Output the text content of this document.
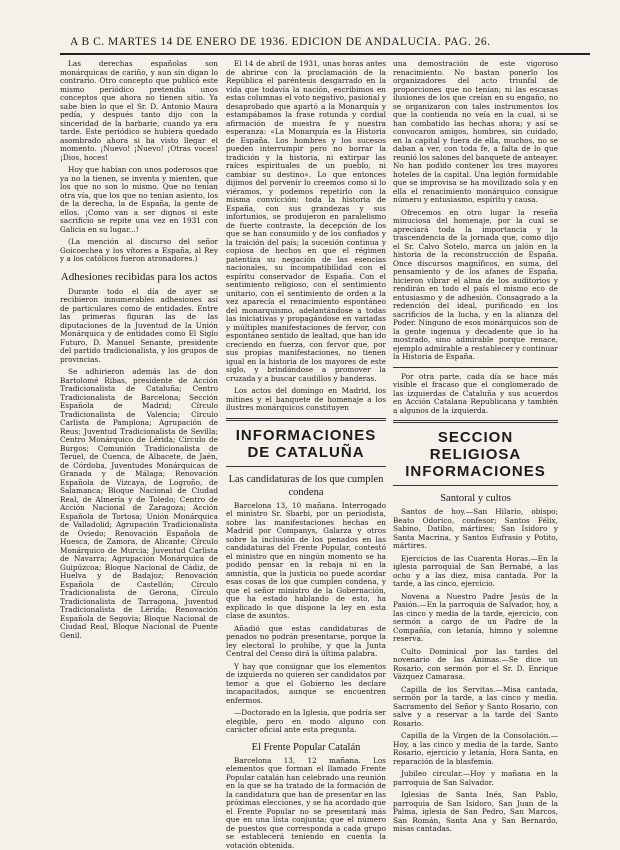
A B C. MARTES 14 DE ENERO DE 1936. EDICION DE ANDALUCIA. PAG. 26.

Las derechas españolas son monárquicas de cariño, y aun sin digan lo contrario. Otro concepto que publicó este mismo periódico pretendía unos conceptos que ahora no tienen sitio. Ya sabe bien lo que el Sr. D. Antonio Maura pedía, y después tanto dijo con la sinceridad de la barbarie, cuando ya era tarde. Este periódico se hubiera quedado asombrado ahora si ha visto llegar el momento. ¡Nuevo! ¡Nuevo! ¡Otras voces! ¡Dios, hoces!

Hoy que habían con unos poderosos que ya no la tienen, se inventa y mienten, que los que no son lo mismo. Que no tenían otra vía, que los que no tenían asiento, los de la derecha, la de España, la gente de ellos. ¡Como van a ser dignos si este sacrificio se repite una vez en 1931 con Galicia en su lugar...!

(La mención al discurso del señor Goicoechea y los vítores a España, al Rey y a los católicos fueron atronadores.)

Adhesiones recibidas para los actos

Durante todo el día de ayer se recibieron innumerables adhesiones así de particulares como de entidades. Entre las primeras figuran las de las diputaciones de la Juventud de la Unión Monárquica y de entidades como El Siglo Futuro, D. Manuel Senante, presidente del partido tradicionalista, y los grupos de provincias.

Se adhirieron además las de don Bartolomé Ribas, presidente de Acción Tradicionalista de Cataluña; Centro Tradicionalista de Barcelona; Sección Española de Madrid; Círculo Tradicionalista de Valencia; Círculo Carlista de Pamplona; Agrupación de Reus; Juventud Tradicionalista de Sevilla; Centro Monárquico de Lérida; Círculo de Burgos; Comunión Tradicionalista de Teruel, de Cuenca, de Albacete, de Jaén, de Córdoba, Juventudes Monárquicas de Granada y de Málaga; Renovación Española de Vizcaya, de Logroño, de Salamanca; Bloque Nacional de Ciudad Real, de Almería y de Toledo; Centro de Acción Nacional de Zaragoza; Acción Española de Tortosa; Unión Monárquica de Valladolid; Agrupación Tradicionalista de Oviedo; Renovación Española de Huesca, de Zamora, de Alicante; Círculo Monárquico de Murcia; Juventud Carlista de Navarra; Agrupación Monárquica de Guipúzcoa; Bloque Nacional de Cádiz, de Huelva y de Badajoz; Renovación Española de Castellón; Círculo Tradicionalista de Gerona, Círculo Tradicionalista de Tarragona, Juventud Tradicionalista de Lérida; Renovación Española de Segovia; Bloque Nacional de Ciudad Real, Bloque Nacional de Puente Genil.

El 14 de abril de 1931, unas horas antes de abrirse con la proclamación de la República el paréntesis desgarrado en la vida que todavía la nación, escribimos en estas columnas el voto negativo, pasional y desaprobado que apartó a la Monarquía y estampábamos la frase rotunda y cordial afirmación de nuestra fe y nuestra esperanza: «La Monarquía es la Historia de España. Los hombres y los sucesos pueden interrumpir pero no borrar la tradición y la historia, ni extirpar las raíces espirituales de un pueblo, ni cambiar su destino». Lo que entonces dijimos del porvenir lo creemos como si lo viéramos, y podemos repetirlo con la misma convicción: toda la historia de España, con sus grandezas y sus infortunios, se produjeron en paralelismo de fuerte contraste, la decepción de los que se han consumido y de los confiados y la traición del país; la sucesión continua y copiosa de hechos en que el régimen patentiza su negación de las esencias nacionales, su incompatibilidad con el espíritu conservador de España. Con el sentimiento religioso, con el sentimiento unitario, con el sentimiento de orden a la vez aparecía el renacimiento espontáneo del monarquismo, adelantándose a todas las iniciativas y propagándose en variadas y múltiples manifestaciones de fervor, con espontáneo sentido de lealtad, que han ido creciendo en fuerza, con fervor que, por sus propias manifestaciones, no tienen igual en la historia de los mayores de este siglo, y brindándose a promover la cruzada y a buscar caudillos y banderas.

Los actos del domingo en Madrid, los mítines y el banquete de homenaje a los ilustres monárquicos constituyen

INFORMACIONES DE CATALUÑA
Las candidaturas de los que cumplen condena

Barcelona 13, 10 mañana. Interrogado el ministro Sr. Sbarbi, por un periodista, sobre las manifestaciones hechas en Madrid por Companys, Galarza y otros sobre la inclusión de los penados en las candidaturas del Frente Popular, contestó el ministro que en ningún momento se ha podido pensar en la rebaja ni en la amnistía, que la justicia no puede acordar esas cosas de los que cumplen condena, y que el señor ministro de la Gobernación, que ha estado hablando de esto, ha explicado lo que dispone la ley en esta clase de asuntos.

Añadió que estas candidaturas de penados no podrán presentarse, porque la ley electoral lo prohíbe, y que la Junta Central del Censo dirá la última palabra.

Y hay que consignar que los elementos de izquierda no quieren ser candidatos por temor a que el Gobierno les declare incapacitados, aunque se encuentren enfermos.

—Doctorado en la Iglesia, que podría ser elegible, pero en modo alguno con carácter oficial ante esta pregunta.

El Frente Popular Catalán

Barcelona 13, 12 mañana. Los elementos que forman el llamado Frente Popular catalán han celebrado una reunión en la que se ha tratado de la formación de la candidatura que han de presentar en las próximas elecciones, y se ha acordado que el Frente Popular no se presentará más que en una lista conjunta; que el número de puestos que corresponda a cada grupo se establecerá teniendo en cuenta la votación obtenida.

una demostración de este vigoroso renacimiento. No bastan ponerlo los organizadores del acto triunfal de proporciones que no tenían; ni las escasas ilusiones de los que creían en su engaño, no se organizaron con tales instrumentos los que la contienda no veía en la cual, si se han combatido las hechas ahora; y así se convocaron amigos, hombres, sin cuidado, en la capital y fuera de ella, muchos, no se daban a ver, con toda fe, a falta de lo que reunió los salones del banquete de anteayer. No han podido contener los tres mayores hoteles de la capital. Una legión formidable que se improvisa se ha movilizado sola y en ella el renacimiento monárquico consigue número y entusiasmo, espíritu y causa.

Ofrecemos en otro lugar la reseña minuciosa del homenaje, por la cual se apreciará toda la importancia y la trascendencia de la jornada que, como dijo el Sr. Calvo Sotelo, marca un jalón en la historia de la reconstrucción de España. Once discursos magníficos, en suma, del pensamiento y de los afanes de España, hicieron vibrar el alma de los auditorios y rendirán en todo el país el mismo eco de entusiasmo y de adhesión. Consagrado a la redención del ideal, purificado en los sacrificios de la lucha, y en la alianza del Poder. Ninguno de esos monárquicos son de la gente ingenua y decadente que lo ha mostrado, sino admirable porque renace, ejemplo admirable a restablecer y continuar la Historia de España.

Por otra parte, cada día se hace más visible el fracaso que el conglomerado de las izquierdas de Cataluña y sus acuerdos en Acción Catalana Republicana y también a algunos de la izquierda.

SECCION RELIGIOSA INFORMACIONES
Santoral y cultos

Santos de hoy.—San Hilario, obispo; Beato Odorico, confesor; Santos Félix, Sabino, Datibo, mártires; San Isidoro y Santa Macrina, y Santos Eufrasio y Potito, mártires.

Ejercicios de las Cuarenta Horas.—En la iglesia parroquial de San Bernabé, a las ocho y a las diez, misa cantada. Por la tarde, a las cinco, ejercicio.

Novena a Nuestro Padre Jesús de la Pasión.—En la parroquia de Salvador, hoy, a las cinco y media de la tarde, ejercicio, con sermón a cargo de un Padre de la Compañía, con letanía, himno y solemne reserva.

Culto Dominical por las tardes del novenario de las Ánimas.—Se dice un Rosario, con sermón por el Sr. D. Enrique Vázquez Camarasa.

Capilla de los Servitas.—Misa cantada, sermón por la tarde, a las cinco y media. Sacramento del Señor y Santo Rosario, con salve y a reservar a la tarde del Santo Rosario.

Capilla de la Virgen de la Consolación.—Hoy, a las cinco y media de la tarde, Santo Rosario, ejercicio y letanía, Hora Santa, en reparación de la blasfemia.

Jubileo circular.—Hoy y mañana en la parroquia de San Salvador.

Iglesias de Santa Inés, San Pablo, parroquia de San Isidoro, San Juan de la Palma, iglesia de San Pedro, San Marcos, San Román, Santa Ana y San Bernardo, misas cantadas.
